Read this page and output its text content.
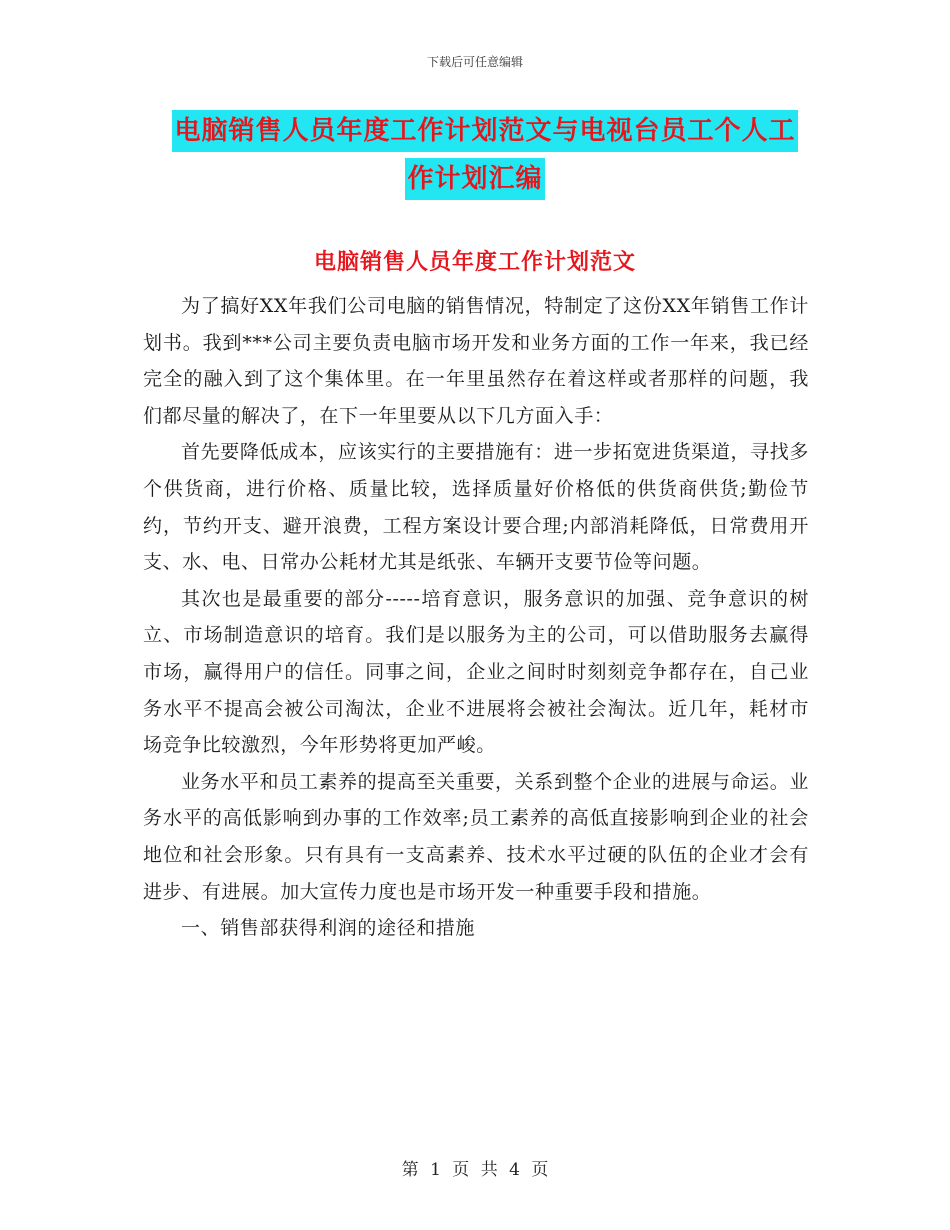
下载后可任意编辑
电脑销售人员年度工作计划范文与电视台员工个人工
作计划汇编
电脑销售人员年度工作计划范文

为了搞好XX年我们公司电脑的销售情况，特制定了这份XX年销售工作计划书。我到***公司主要负责电脑市场开发和业务方面的工作一年来，我已经完全的融入到了这个集体里。在一年里虽然存在着这样或者那样的问题，我们都尽量的解决了，在下一年里要从以下几方面入手：

首先要降低成本，应该实行的主要措施有：进一步拓宽进货渠道，寻找多个供货商，进行价格、质量比较，选择质量好价格低的供货商供货;勤俭节约，节约开支、避开浪费，工程方案设计要合理;内部消耗降低，日常费用开支、水、电、日常办公耗材尤其是纸张、车辆开支要节俭等问题。

其次也是最重要的部分-----培育意识，服务意识的加强、竞争意识的树立、市场制造意识的培育。我们是以服务为主的公司，可以借助服务去赢得市场，赢得用户的信任。同事之间，企业之间时时刻刻竞争都存在，自己业务水平不提高会被公司淘汰，企业不进展将会被社会淘汰。近几年，耗材市场竞争比较激烈，今年形势将更加严峻。

业务水平和员工素养的提高至关重要，关系到整个企业的进展与命运。业务水平的高低影响到办事的工作效率;员工素养的高低直接影响到企业的社会地位和社会形象。只有具有一支高素养、技术水平过硬的队伍的企业才会有进步、有进展。加大宣传力度也是市场开发一种重要手段和措施。

一、销售部获得利润的途径和措施

第 1 页 共 4 页
